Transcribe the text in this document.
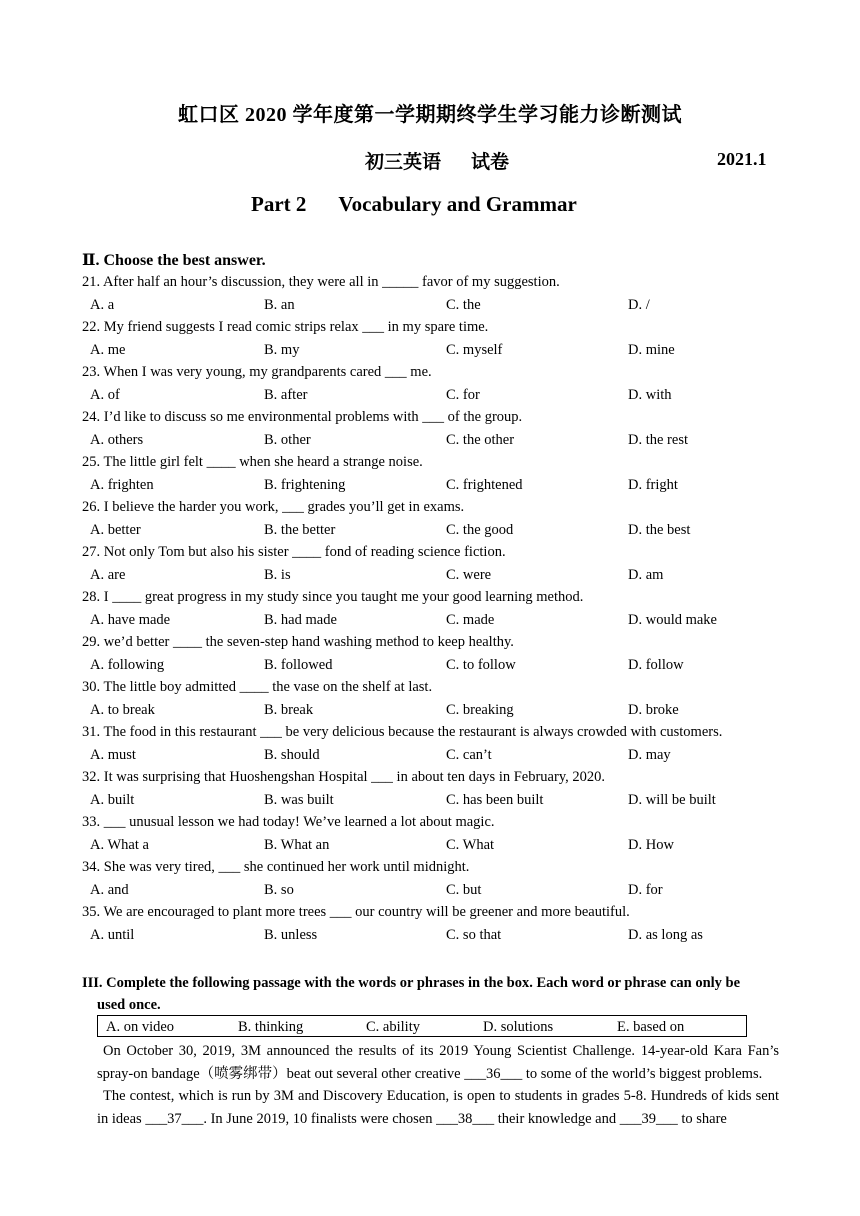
虹口区 2020 学年度第一学期期终学生学习能力诊断测试
初三英语 试卷	2021.1
Part 2 Vocabulary and Grammar
Ⅱ. Choose the best answer.
21. After half an hour’s discussion, they were all in _____ favor of my suggestion.
A. a	B. an	C. the	D. /
22. My friend suggests I read comic strips relax ___ in my spare time.
A. me	B. my	C. myself	D. mine
23. When I was very young, my grandparents cared ___ me.
A. of	B. after	C. for	D. with
24. I’d like to discuss so me environmental problems with ___ of the group.
A. others	B. other	C. the other	D. the rest
25. The little girl felt ____ when she heard a strange noise.
A. frighten	B. frightening	C. frightened	D. fright
26. I believe the harder you work, ___ grades you’ll get in exams.
A. better	B. the better	C. the good	D. the best
27. Not only Tom but also his sister ____ fond of reading science fiction.
A. are	B. is	C. were	D. am
28. I ____ great progress in my study since you taught me your good learning method.
A. have made	B. had made	C. made	D. would make
29. we’d better ____ the seven-step hand washing method to keep healthy.
A. following	B. followed	C. to follow	D. follow
30. The little boy admitted ____ the vase on the shelf at last.
A. to break	B. break	C. breaking	D. broke
31. The food in this restaurant ___ be very delicious because the restaurant is always crowded with customers.
A. must	B. should	C. can’t	D. may
32. It was surprising that Huoshengshan Hospital ___ in about ten days in February, 2020.
A. built	B. was built	C. has been built	D. will be built
33. ___ unusual lesson we had today! We’ve learned a lot about magic.
A. What a	B. What an	C. What	D. How
34. She was very tired, ___ she continued her work until midnight.
A. and	B. so	C. but	D. for
35. We are encouraged to plant more trees ___ our country will be greener and more beautiful.
A. until	B. unless	C. so that	D. as long as
III. Complete the following passage with the words or phrases in the box. Each word or phrase can only be
used once.
A. on video	B. thinking	C. ability	D. solutions	E. based on

On October 30, 2019, 3M announced the results of its 2019 Young Scientist Challenge. 14-year-old Kara Fan’s spray-on bandage（喷雾绑带）beat out several other creative ___36___ to some of the world’s biggest problems.

The contest, which is run by 3M and Discovery Education, is open to students in grades 5-8. Hundreds of kids sent in ideas ___37___. In June 2019, 10 finalists were chosen ___38___ their knowledge and ___39___ to share
